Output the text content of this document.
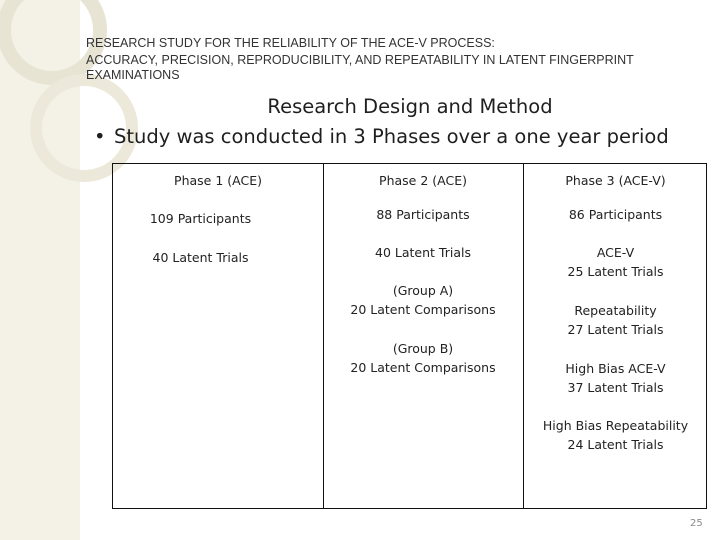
RESEARCH STUDY FOR THE RELIABILITY OF THE ACE-V PROCESS:
ACCURACY, PRECISION, REPRODUCIBILITY, AND REPEATABILITY IN LATENT FINGERPRINT EXAMINATIONS
Research Design and Method
• Study was conducted in 3 Phases over a one year period
Phase 1 (ACE)
109 Participants
40 Latent Trials
Phase 2 (ACE)
88 Participants
40 Latent Trials
(Group A)
20 Latent Comparisons
(Group B)
20 Latent Comparisons
Phase 3 (ACE-V)
86 Participants
ACE-V
25 Latent Trials
Repeatability
27 Latent Trials
High Bias ACE-V
37 Latent Trials
High Bias Repeatability
24 Latent Trials
25
